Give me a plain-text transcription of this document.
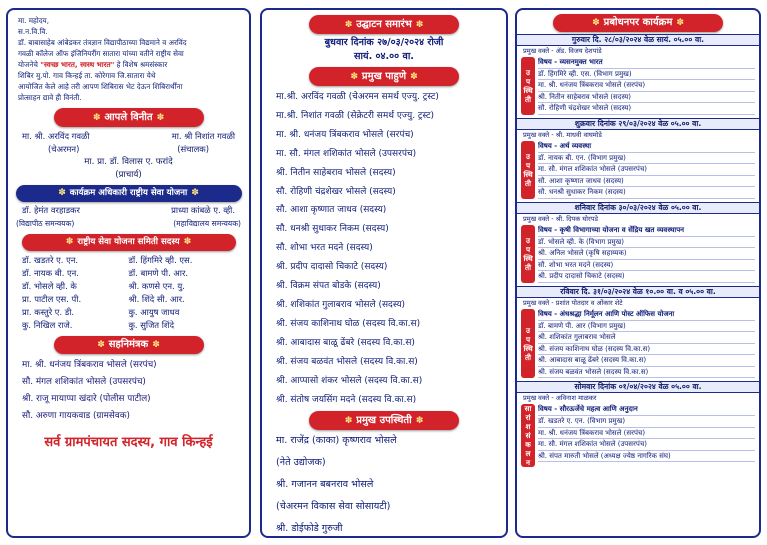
मा. महोदय,
स.न.वि.वि.
डॉ. बाबासाहेब आंबेडकर तंत्रज्ञान विद्यापीठाच्या विद्यमाने व अरविंद
गवळी कॉलेज ऑफ इंजिनियरींग सातारा यांच्या वतीने राष्ट्रीय सेवा
योजनेचे "स्वच्छ भारत, स्वस्थ भारत" हे विशेष श्रमसंस्कार
शिबिर मु.पो. गाव किन्हई ता. कोरेगाव जि.सातारा येथे
आयोजित केले आहे तरी आपण शिबिरास भेट देऊन शिबिरार्थींना
प्रोत्साहन द्यावे ही विनंती.
✽ आपले विनीत ✽
मा. श्री. अरविंद गवळी	मा. श्री निशांत गवळी
(चेअरमन)	(संचालक)
मा. प्रा. डॉ. विलास ए. फरांदे
(प्राचार्य)
✽ कार्यक्रम अधिकारी राष्ट्रीय सेवा योजना ✽
डॉ. हेमंत वरहाडकर	प्राध्या कांबळे ए. व्ही.
(विद्यापीठ समन्वयक)	(महाविद्यालय समन्वयक)
✽ राष्ट्रीय सेवा योजना समिती सदस्य ✽
डॉ. खडतरे ए. एन.	डॉ. हिंगमिरे व्ही. एस.
डॉ. नायक बी. एन.	डॉ. बामणे पी. आर.
डॉ. भोसले व्ही. के	श्री. कणसे एन. यु.
प्रा. पाटील एस. पी.	श्री. शिंदे सी. आर.
प्रा. कस्तुरे ए. डी.	कु. आयुष जाधव
कु. निखिल राजे.	कु. सुजित शिंदे
✽ सहनिमंत्रक ✽
मा. श्री. धनंजय त्रिंबकराव भोसले (सरपंच)
सौ. मंगल शशिकांत भोसले (उपसरपंच)
श्री. राजू मायाप्पा खंदारे (पोलीस पाटील)
सौ. अरुणा गायकवाड (ग्रामसेवक)
सर्व ग्रामपंचायत सदस्य, गाव किन्हई
✽ उद्घाटन समारंभ ✽
बुधवार दिनांक २७/०३/२०२४ रोजी
सायं. ०४.०० वा.
✽ प्रमुख पाहुणे ✽
मा.श्री. अरविंद गवळी (चेअरमन समर्थ एज्यु. ट्रस्ट)
मा.श्री. निशांत गवळी (सेक्रेटरी समर्थ एज्यु. ट्रस्ट)
मा. श्री. धनंजय त्रिंबकराव भोसले (सरपंच)
मा. सौ. मंगल शशिकांत भोसले (उपसरपंच)
श्री. नितीन साहेबराव भोसले (सदस्य)
सौ. रोहिणी चंद्रशेखर भोसले (सदस्य)
सौ. आशा कृष्णात जाधव (सदस्य)
सौ. धनश्री सुधाकर निकम (सदस्य)
सौ. शोभा भरत मदने (सदस्य)
श्री. प्रदीप दादासो चिकाटे (सदस्य)
श्री. विक्रम संपत बोडके (सदस्य)
श्री. शशिकांत गुलाबराव भोसले (सदस्य)
श्री. संजय काशिनाथ घोळ (सदस्य वि.का.स)
श्री. आबादास बाळू ढेंबरे (सदस्य वि.का.स)
श्री. संजय बळवंत भोसले (सदस्य वि.का.स)
श्री. आप्पासो शंकर भोसले (सदस्य वि.का.स)
श्री. संतोष जयसिंग मदने (सदस्य वि.का.स)
✽ प्रमुख उपस्थिती ✽
मा. राजेंद्र (काका) कृष्णराव भोसले
(नेते उद्योजक)
श्री. गजानन बबनराव भोसले
(चेअरमन विकास सेवा सोसायटी)
श्री. डोईफोडे गुरुजी
✽ प्रबोधनपर कार्यक्रम ✽
गुरुवार दि. २८/०३/२०२४ वेळ सायं. ०५.०० वा.
प्रमुख वक्ते - ॲड. विजय देशपांडे
उ
प
स्थि
ती
विषय - व्यसनमुक्त भारत
डॉ. हिंगमिरे व्ही. एस. (विभाग प्रमुख)
मा. श्री. धनंजय त्रिंबकराव भोसले (सरपंच)
श्री. नितीन साहेबराव भोसले (सदस्य)
सौ. रोहिणी चंद्रशेखर भोसले (सदस्य)
शुक्रवार दिनांक २९/०३/२०२४ वेळ ०५.०० वा.
प्रमुख वक्ते - श्री. माधवी वाघमोडे
उ
प
स्थि
ती
विषय - अर्थ व्यवस्था
डॉ. नायक बी. एन. (विभाग प्रमुख)
मा. सौ. मंगल शशिकांत भोसले (उपसरपंच)
सौ. आशा कृष्णात जाधव (सदस्य)
सौ. धनश्री सुधाकर निकम (सदस्य)
शनिवार दिनांक ३०/०३/२०२४ वेळ ०५.०० वा.
प्रमुख वक्ते - श्री. दिपक घोरपडे
उ
प
स्थि
ती
विषय - कृषी विभागाच्या योजना व सेंद्रिय खत व्यवस्थापन
डॉ. भोसले व्ही. के (विभाग प्रमुख)
श्री. अनिल भोसले (कृषि सहाय्यक)
सौ. शोभा भरत मदने (सदस्य)
श्री. प्रदीप दादासो चिकाटे (सदस्य)
रविवार दि. ३१/०३/२०२४ वेळ १०.०० वा. व ०५.०० वा.
प्रमुख वक्ते - प्रशांत पोतदार व ओंकार शेटे
उ
प
स्थि
ती
विषय - अंधश्रद्धा निर्मूलन आणि पोस्ट ऑफिस योजना
डॉ. बामणे पी. आर (विभाग प्रमुख)
श्री. शशिकांत गुलाबराव भोसले
श्री. संजय काशिनाथ घोळ (सदस्य वि.का.स)
श्री. आबादास बाळू ढेंबरे (सदस्य वि.का.स)
श्री. संजय बळवंत भोसले (सदस्य वि.का.स)
सोमवार दिनांक ०१/०४/२०२४ वेळ ०५.०० वा.
प्रमुख वक्ते - अविनाश माळकर
सा
रां
श
सं
क
ल
न
विषय - सौरऊर्जेचे महत्व आणि अनुदान
डॉ. खडतरे ए. एन. (विभाग प्रमुख)
मा. श्री. धनंजय त्रिंबकराव भोसले (सरपंच)
मा. सौ. मंगल शशिकांत भोसले (उपसरपंच)
श्री. संपत मारुती भोसले (अध्यक्ष ज्येष्ठ नागरिक संघ)
